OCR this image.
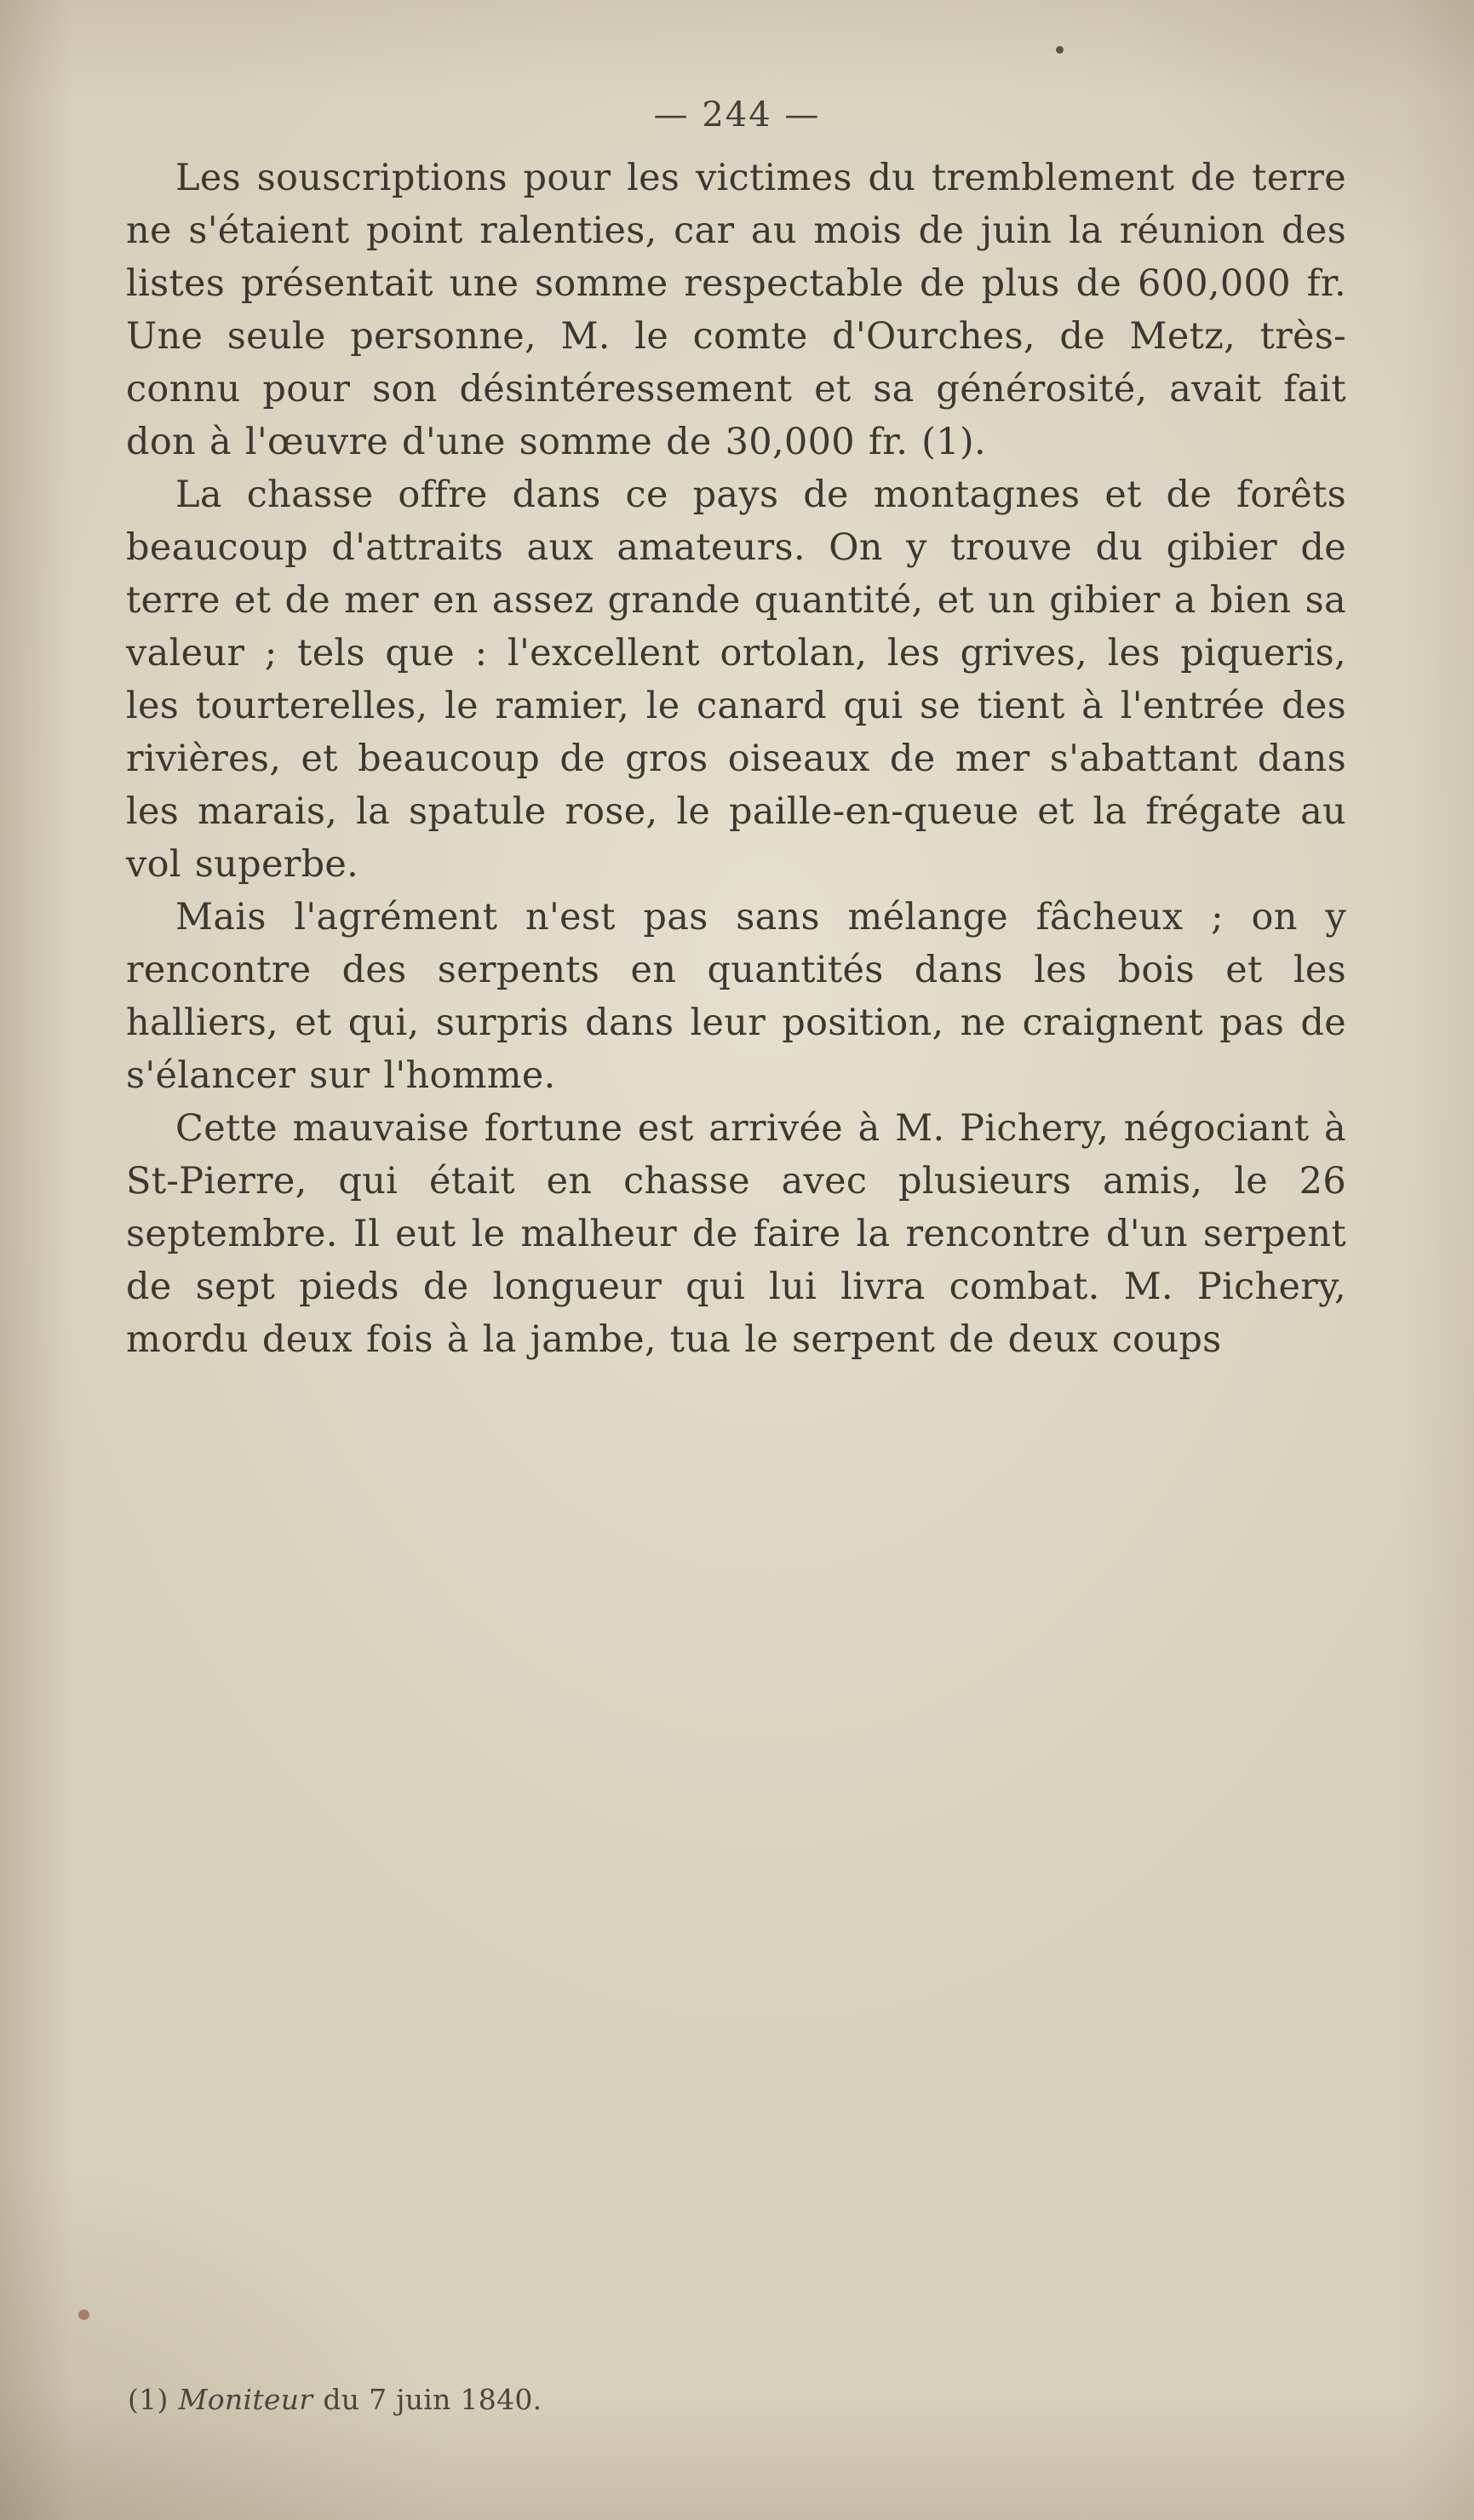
— 244 —

Les souscriptions pour les victimes du tremblement de terre ne s'étaient point ralenties, car au mois de juin la réunion des listes présentait une somme respectable de plus de 600,000 fr. Une seule personne, M. le comte d'Ourches, de Metz, très-connu pour son désintéressement et sa générosité, avait fait don à l'œuvre d'une somme de 30,000 fr. (1).

La chasse offre dans ce pays de montagnes et de forêts beaucoup d'attraits aux amateurs. On y trouve du gibier de terre et de mer en assez grande quantité, et un gibier a bien sa valeur ; tels que : l'excellent ortolan, les grives, les piqueris, les tourterelles, le ramier, le canard qui se tient à l'entrée des rivières, et beaucoup de gros oiseaux de mer s'abattant dans les marais, la spatule rose, le paille-en-queue et la frégate au vol superbe.

Mais l'agrément n'est pas sans mélange fâcheux ; on y rencontre des serpents en quantités dans les bois et les halliers, et qui, surpris dans leur position, ne craignent pas de s'élancer sur l'homme.

Cette mauvaise fortune est arrivée à M. Pichery, négociant à St-Pierre, qui était en chasse avec plusieurs amis, le 26 septembre. Il eut le malheur de faire la rencontre d'un serpent de sept pieds de longueur qui lui livra combat. M. Pichery, mordu deux fois à la jambe, tua le serpent de deux coups

(1) Moniteur du 7 juin 1840.
